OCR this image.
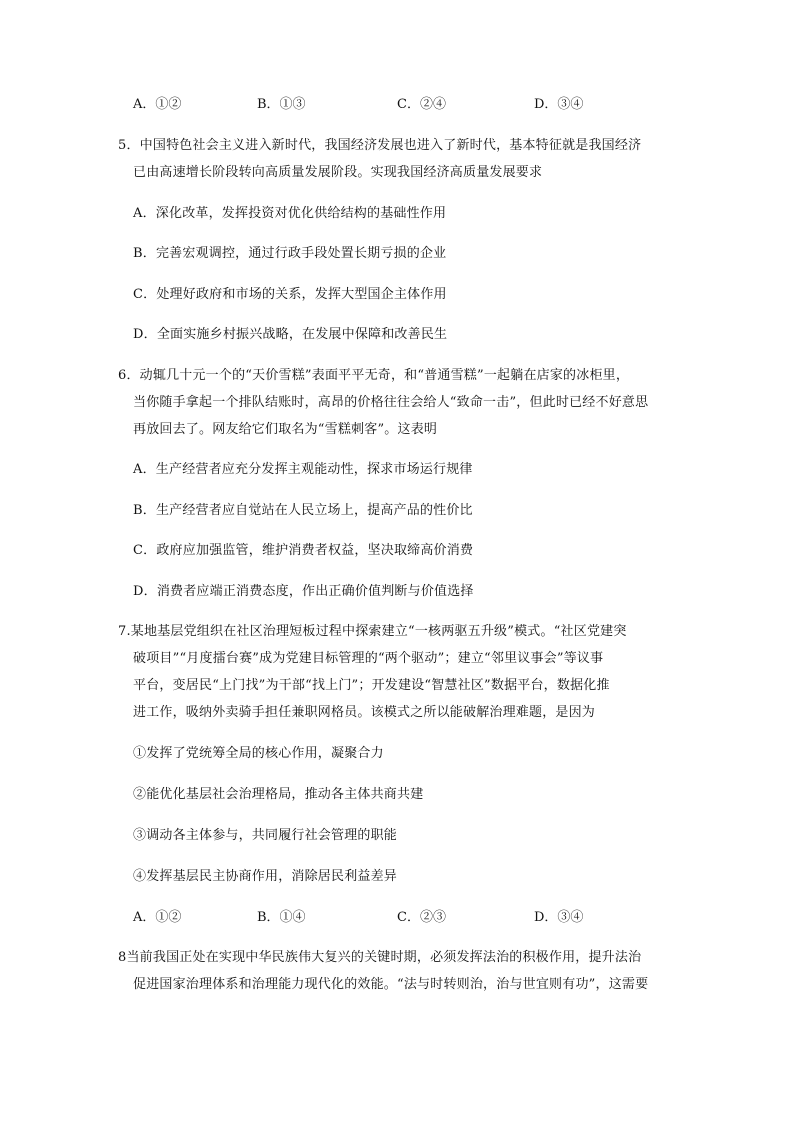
A．①②	B．①③	C．②④	D．③④
5．中国特色社会主义进入新时代，我国经济发展也进入了新时代，基本特征就是我国经济
已由高速增长阶段转向高质量发展阶段。实现我国经济高质量发展要求
A．深化改革，发挥投资对优化供给结构的基础性作用
B．完善宏观调控，通过行政手段处置长期亏损的企业
C．处理好政府和市场的关系，发挥大型国企主体作用
D．全面实施乡村振兴战略，在发展中保障和改善民生
6．动辄几十元一个的“天价雪糕”表面平平无奇，和“普通雪糕”一起躺在店家的冰柜里，
当你随手拿起一个排队结账时，高昂的价格往往会给人“致命一击”，但此时已经不好意思
再放回去了。网友给它们取名为“雪糕刺客”。这表明
A．生产经营者应充分发挥主观能动性，探求市场运行规律
B．生产经营者应自觉站在人民立场上，提高产品的性价比
C．政府应加强监管，维护消费者权益，坚决取缔高价消费
D．消费者应端正消费态度，作出正确价值判断与价值选择
7.某地基层党组织在社区治理短板过程中探索建立“一核两驱五升级”模式。“社区党建突
破项目”“月度擂台赛”成为党建目标管理的“两个驱动”；建立“邻里议事会”等议事
平台，变居民“上门找”为干部“找上门”；开发建设“智慧社区”数据平台，数据化推
进工作，吸纳外卖骑手担任兼职网格员。该模式之所以能破解治理难题，是因为
①发挥了党统筹全局的核心作用，凝聚合力
②能优化基层社会治理格局，推动各主体共商共建
③调动各主体参与，共同履行社会管理的职能
④发挥基层民主协商作用，消除居民利益差异
A．①②	B．①④	C．②③	D．③④
8当前我国正处在实现中华民族伟大复兴的关键时期，必须发挥法治的积极作用，提升法治
促进国家治理体系和治理能力现代化的效能。“法与时转则治，治与世宜则有功”，这需要
